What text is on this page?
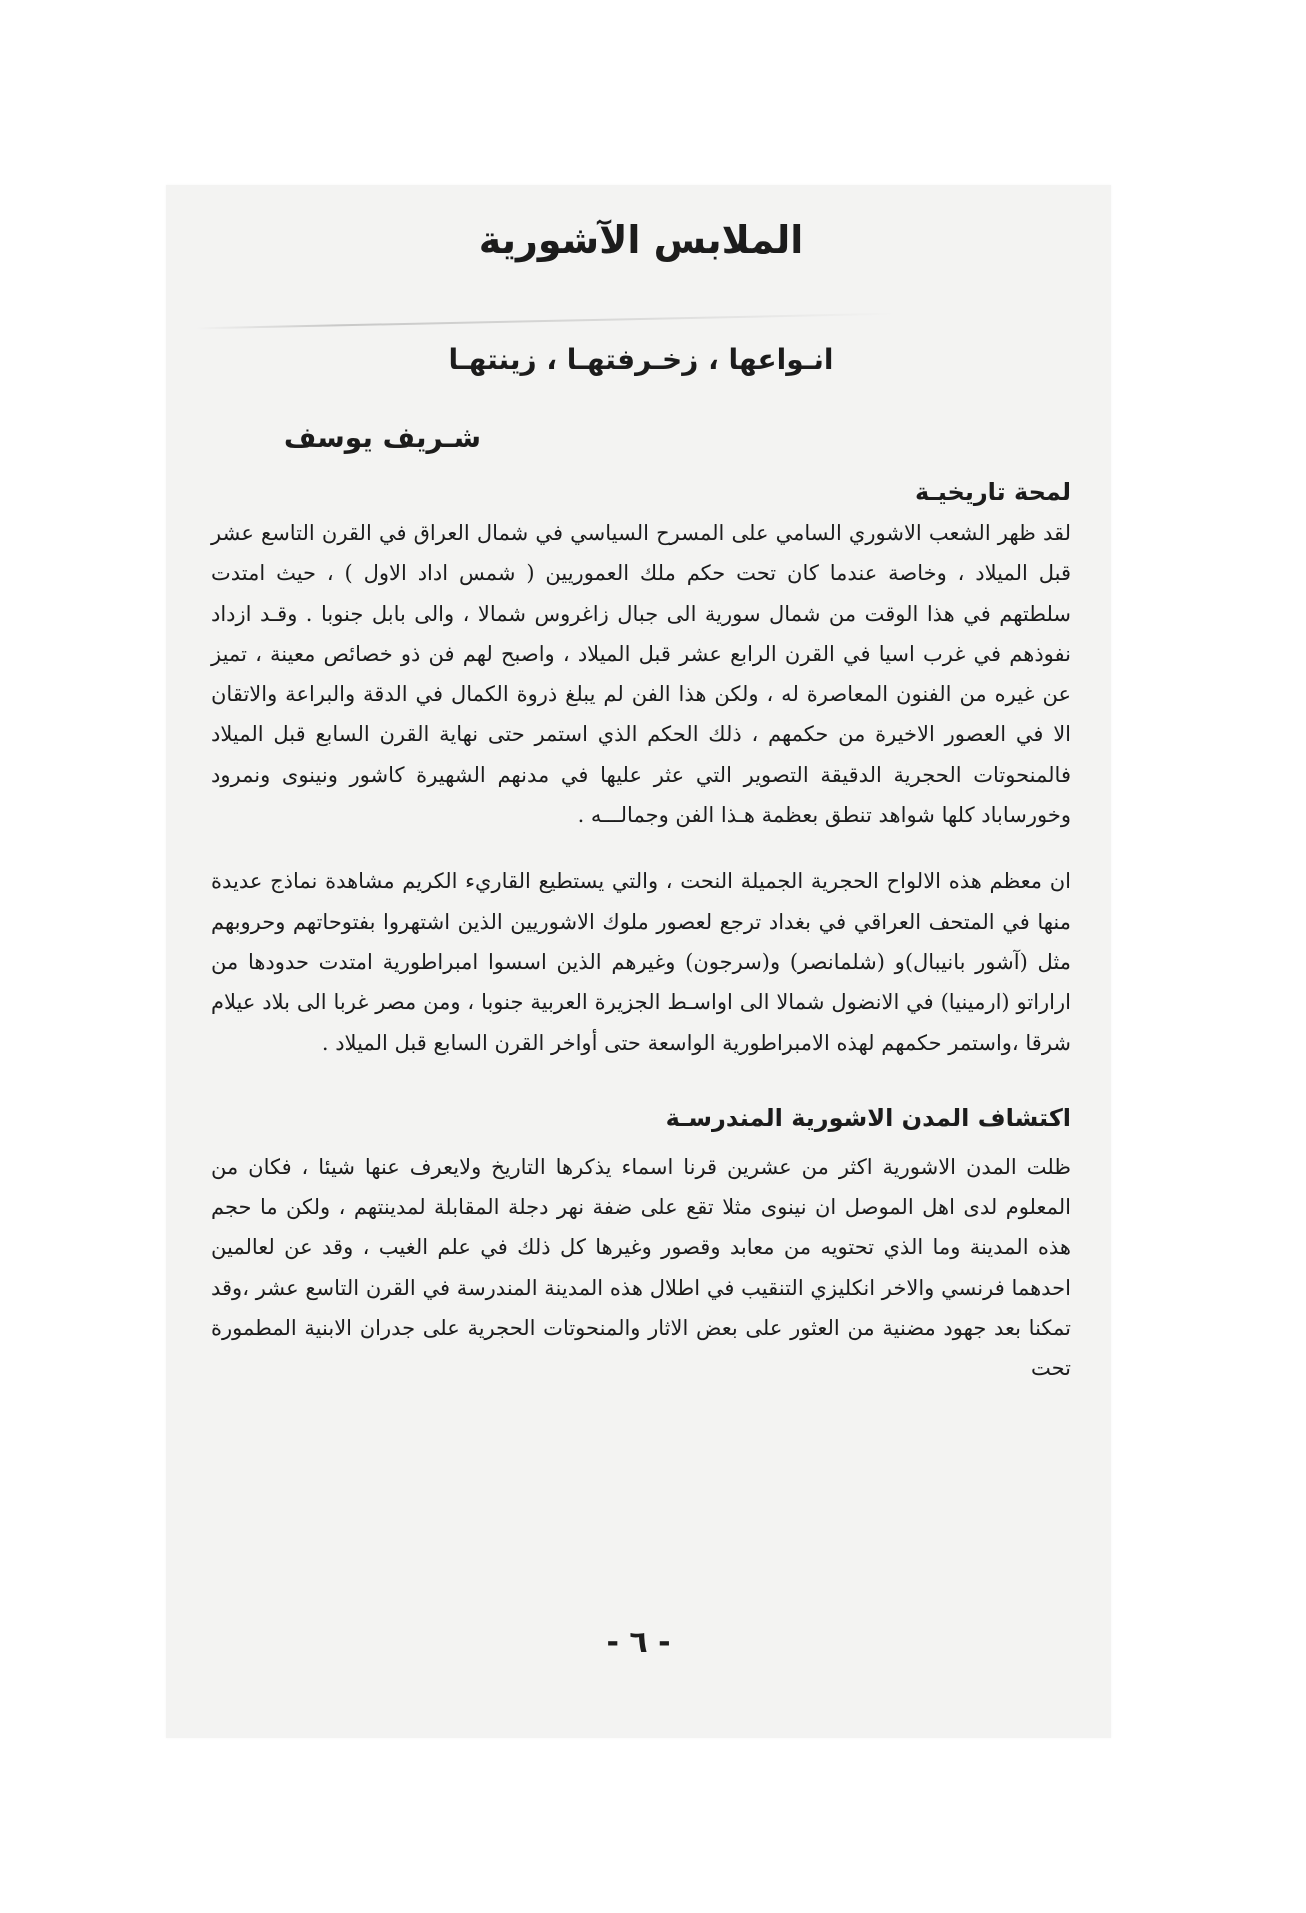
الملابس الآشورية
انـواعها ، زخـرفتهـا ، زينتهـا
شـريف يوسف
لمحة تاريخيـة

لقد ظهر الشعب الاشوري السامي على المسرح السياسي في شمال العراق في القرن التاسع عشر قبل الميلاد ، وخاصة عندما كان تحت حكم ملك العموريين ( شمس اداد الاول ) ، حيث امتدت سلطتهم في هذا الوقت من شمال سورية الى جبال زاغروس شمالا ، والى بابل جنوبا . وقـد ازداد نفوذهم في غرب اسيا في القرن الرابع عشر قبل الميلاد ، واصبح لهم فن ذو خصائص معينة ، تميز عن غيره من الفنون المعاصرة له ، ولكن هذا الفن لم يبلغ ذروة الكمال في الدقة والبراعة والاتقان الا في العصور الاخيرة من حكمهم ، ذلك الحكم الذي استمر حتى نهاية القرن السابع قبل الميلاد فالمنحوتات الحجرية الدقيقة التصوير التي عثر عليها في مدنهم الشهيرة كاشور ونينوى ونمرود وخورساباد كلها شواهد تنطق بعظمة هـذا الفن وجمالـــه .

ان معظم هذه الالواح الحجرية الجميلة النحت ، والتي يستطيع القاريء الكريم مشاهدة نماذج عديدة منها في المتحف العراقي في بغداد ترجع لعصور ملوك الاشوريين الذين اشتهروا بفتوحاتهم وحروبهم مثل (آشور بانيبال)و (شلمانصر) و(سرجون) وغيرهم الذين اسسوا امبراطورية امتدت حدودها من اراراتو (ارمينيا) في الانضول شمالا الى اواسـط الجزيرة العربية جنوبا ، ومن مصر غربا الى بلاد عيلام شرقا ،واستمر حكمهم لهذه الامبراطورية الواسعة حتى أواخر القرن السابع قبل الميلاد .

اكتشاف المدن الاشورية المندرسـة

ظلت المدن الاشورية اكثر من عشرين قرنا اسماء يذكرها التاريخ ولايعرف عنها شيئا ، فكان من المعلوم لدى اهل الموصل ان نينوى مثلا تقع على ضفة نهر دجلة المقابلة لمدينتهم ، ولكن ما حجم هذه المدينة وما الذي تحتويه من معابد وقصور وغيرها كل ذلك في علم الغيب ، وقد عن لعالمين احدهما فرنسي والاخر انكليزي التنقيب في اطلال هذه المدينة المندرسة في القرن التاسع عشر ،وقد تمكنا بعد جهود مضنية من العثور على بعض الاثار والمنحوتات الحجرية على جدران الابنية المطمورة تحت

- ٦ -
